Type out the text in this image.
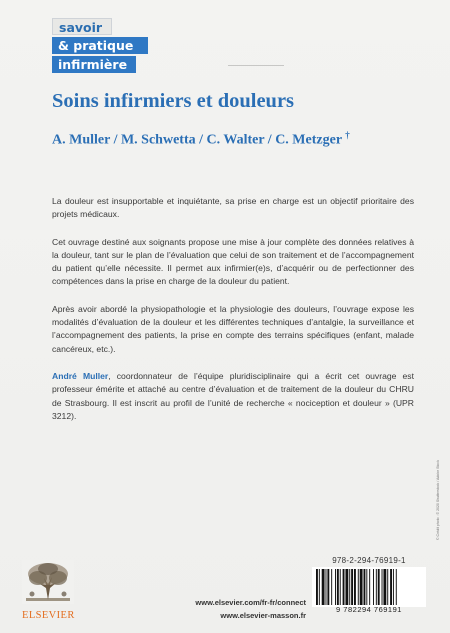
savoir
& pratique
infirmière
Soins infirmiers et douleurs
A. Muller / M. Schwetta / C. Walter / C. Metzger †

La douleur est insupportable et inquiétante, sa prise en charge est un objectif prioritaire des projets médicaux.

Cet ouvrage destiné aux soignants propose une mise à jour complète des données relatives à la douleur, tant sur le plan de l’évaluation que celui de son traitement et de l’accompagnement du patient qu’elle nécessite. Il permet aux infirmier(e)s, d’acquérir ou de perfectionner des compétences dans la prise en charge de la douleur du patient.

Après avoir abordé la physiopathologie et la physiologie des douleurs, l’ouvrage expose les modalités d’évaluation de la douleur et les différentes techniques d’antalgie, la surveillance et l’accompagnement des patients, la prise en compte des terrains spécifiques (enfant, malade cancéreux, etc.).

André Muller, coordonnateur de l’équipe pluridisciplinaire qui a écrit cet ouvrage est professeur émérite et attaché au centre d’évaluation et de traitement de la douleur du CHRU de Strasbourg. Il est inscrit au profil de l’unité de recherche « nociception et douleur » (UPR 3212).

ELSEVIER
www.elsevier.com/fr-fr/connect
www.elsevier-masson.fr
978-2-294-76919-1
9 782294 769191
© Crédit photo : © 2020 Shutterstock / Adobe Stock
